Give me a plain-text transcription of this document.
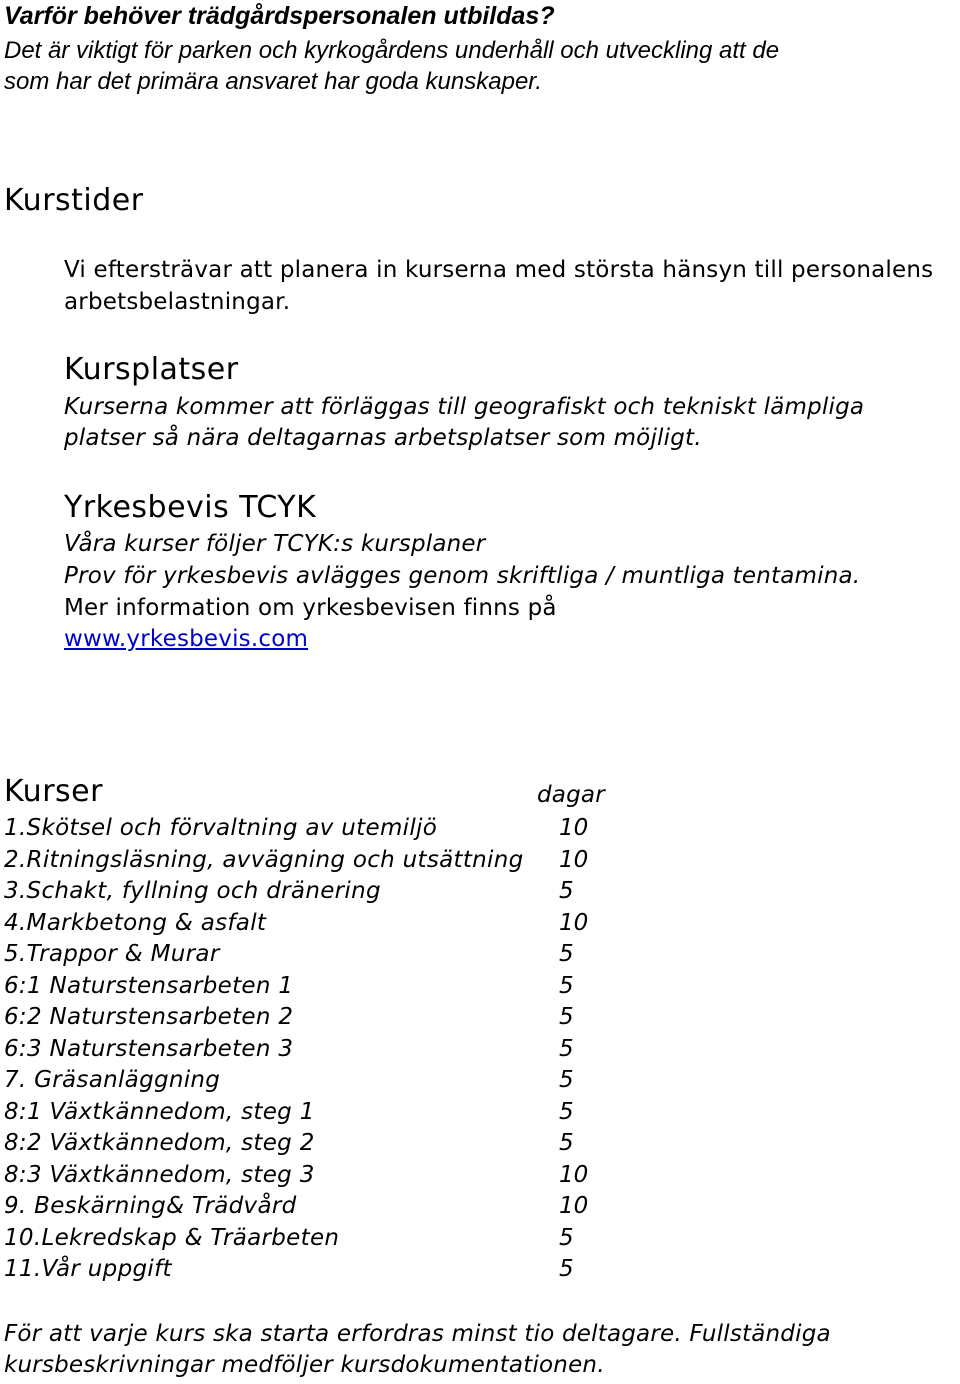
Varför behöver trädgårdspersonalen utbildas?
Det är viktigt för parken och kyrkogårdens underhåll och utveckling att de
som har det primära ansvaret har goda kunskaper.
Kurstider
Vi eftersträvar att planera in kurserna med största hänsyn till personalens
arbetsbelastningar.
Kursplatser
Kurserna kommer att förläggas till geografiskt och tekniskt lämpliga
platser så nära deltagarnas arbetsplatser som möjligt.
Yrkesbevis TCYK
Våra kurser följer TCYK:s kursplaner
Prov för yrkesbevis avlägges genom skriftliga / muntliga tentamina.
Mer information om yrkesbevisen finns på
www.yrkesbevis.com
Kurser	dagar
1.Skötsel och förvaltning av utemiljö	10
2.Ritningsläsning, avvägning och utsättning 10
3.Schakt, fyllning och dränering	5
4.Markbetong & asfalt	10
5.Trappor & Murar	5
6:1 Naturstensarbeten 1	5
6:2 Naturstensarbeten 2	5
6:3 Naturstensarbeten 3	5
7. Gräsanläggning	5
8:1 Växtkännedom, steg 1	5
8:2 Växtkännedom, steg 2	5
8:3 Växtkännedom, steg 3	10
9. Beskärning& Trädvård	10
10.Lekredskap & Träarbeten	5
11.Vår uppgift	5
För att varje kurs ska starta erfordras minst tio deltagare. Fullständiga
kursbeskrivningar medföljer kursdokumentationen.
